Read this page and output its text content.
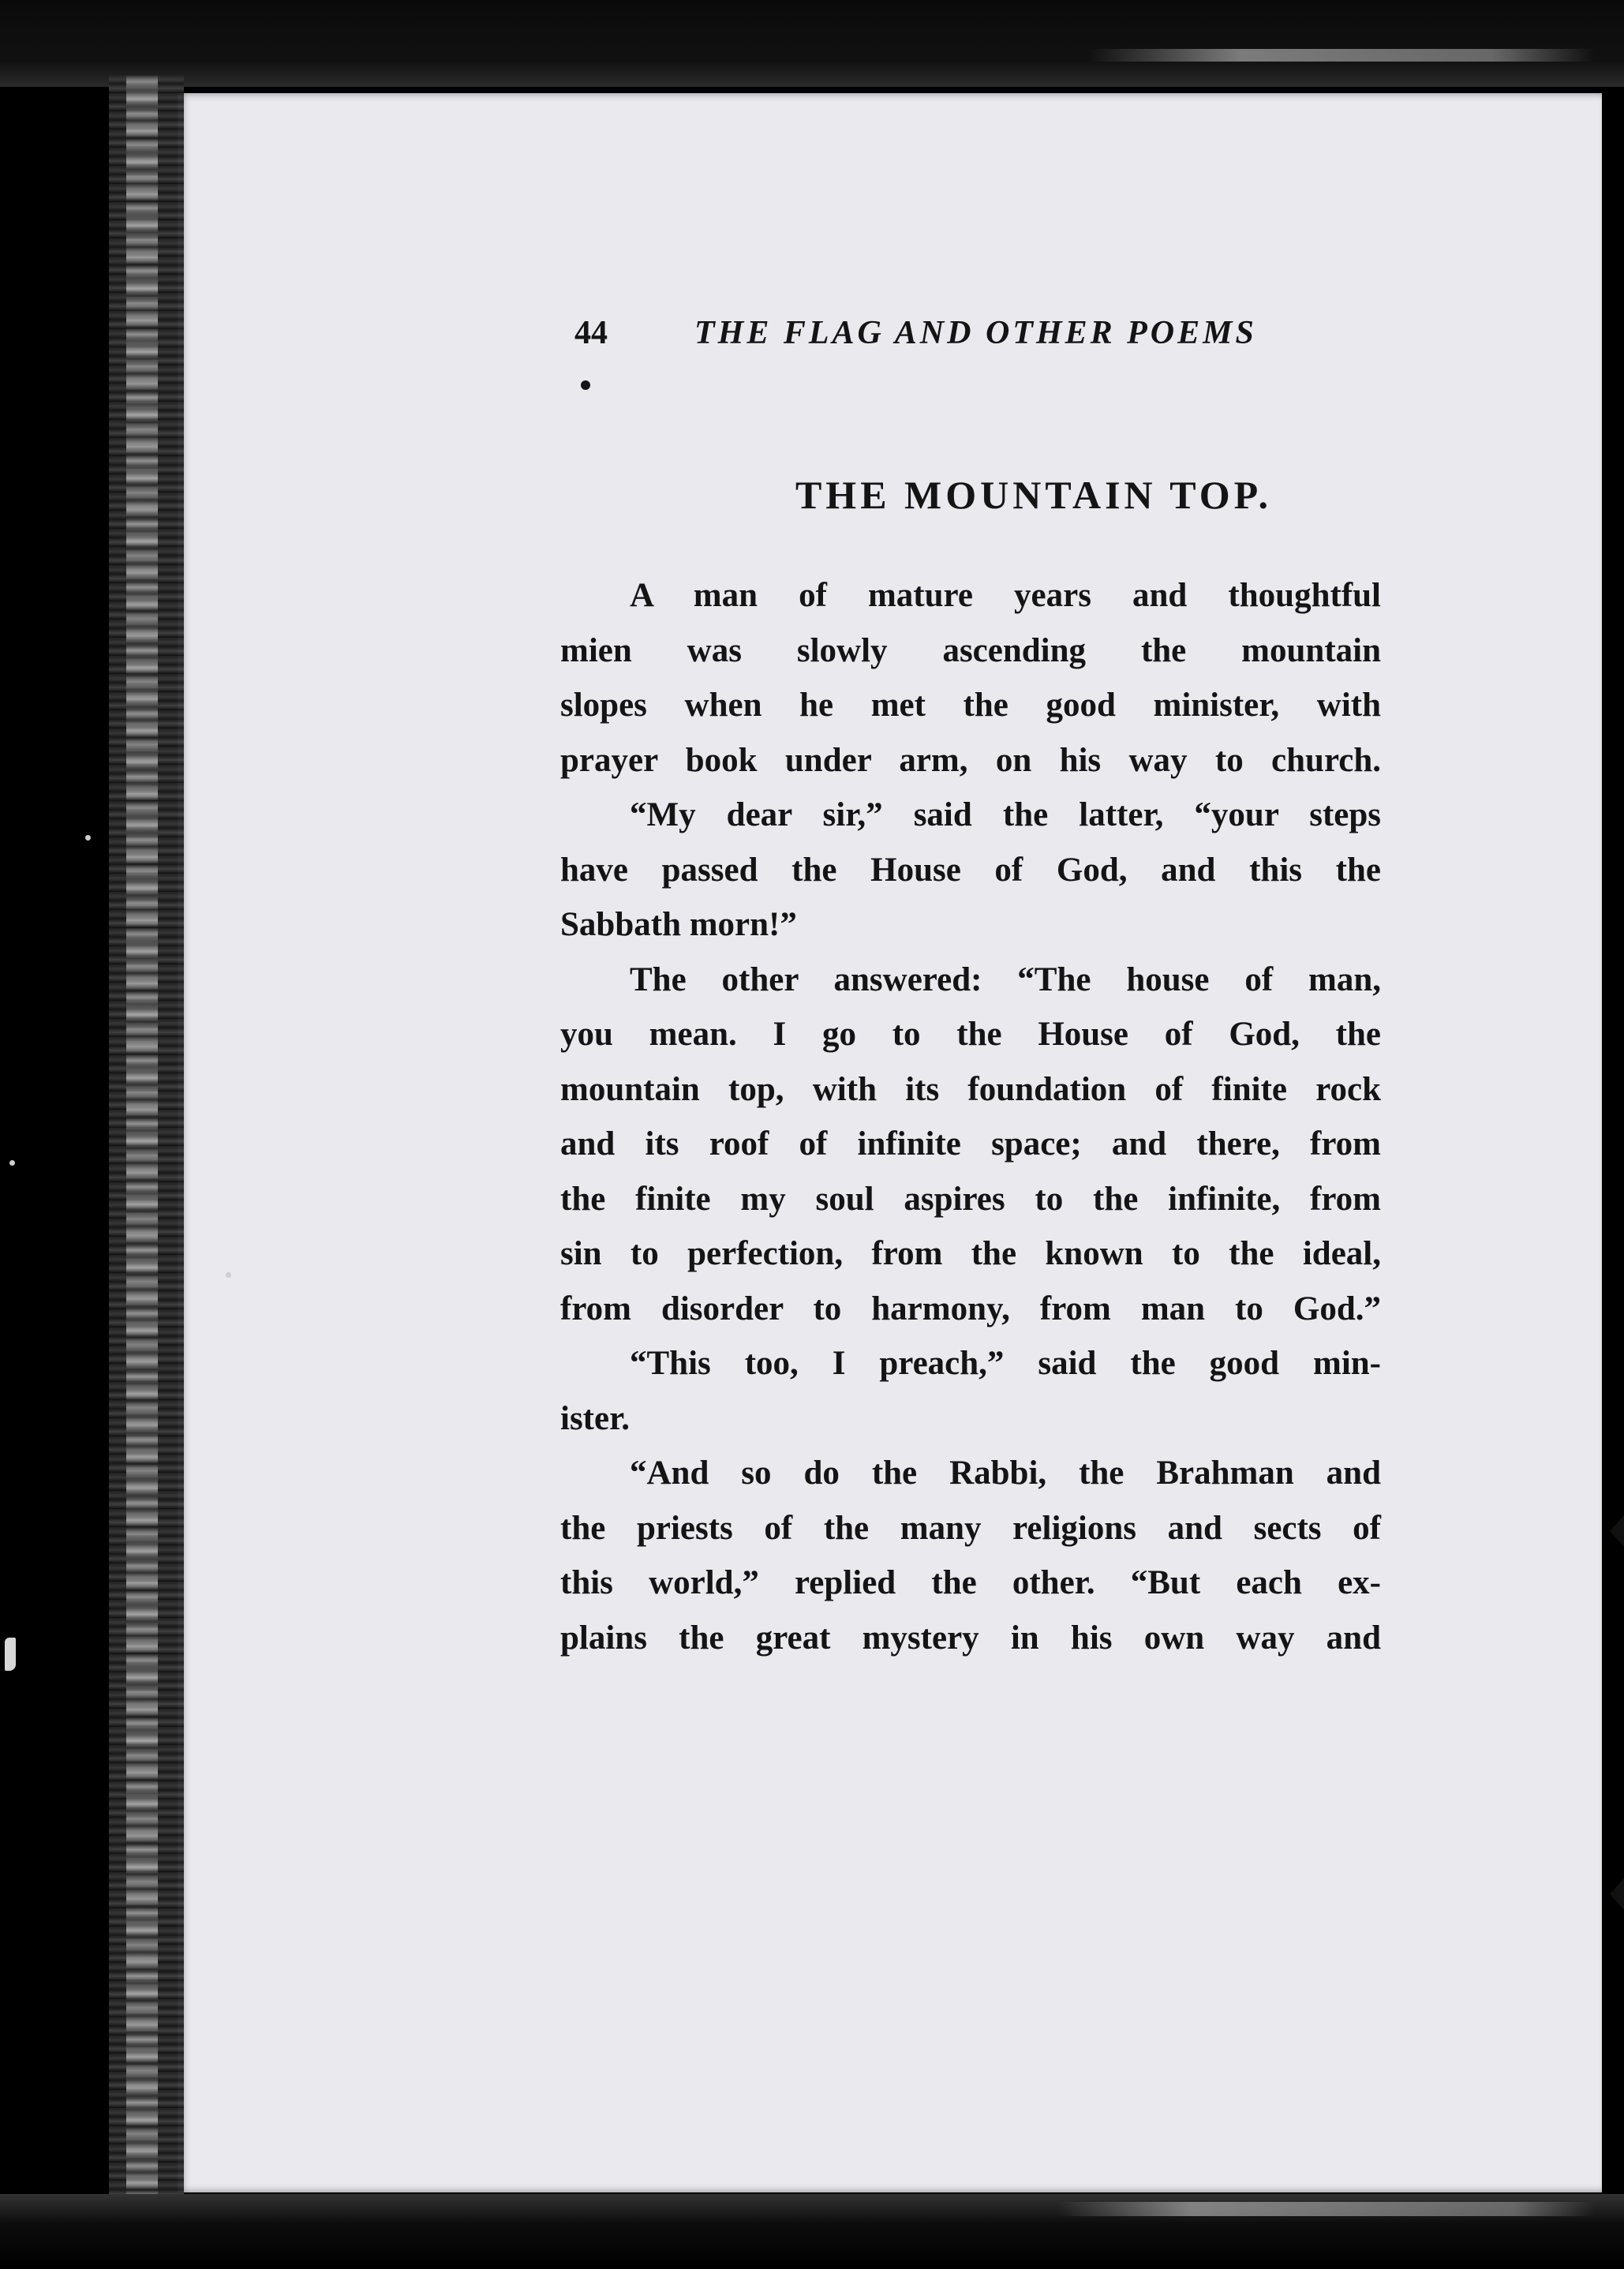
44	THE FLAG AND OTHER POEMS
THE MOUNTAIN TOP.
A man of mature years and thoughtful
mien was slowly ascending the mountain
slopes when he met the good minister, with
prayer book under arm, on his way to church.
“My dear sir,” said the latter, “your steps
have passed the House of God, and this the
Sabbath morn!”
The other answered: “The house of man,
you mean. I go to the House of God, the
mountain top, with its foundation of finite rock
and its roof of infinite space; and there, from
the finite my soul aspires to the infinite, from
sin to perfection, from the known to the ideal,
from disorder to harmony, from man to God.”
“This too, I preach,” said the good min-
ister.
“And so do the Rabbi, the Brahman and
the priests of the many religions and sects of
this world,” replied the other. “But each ex-
plains the great mystery in his own way and
